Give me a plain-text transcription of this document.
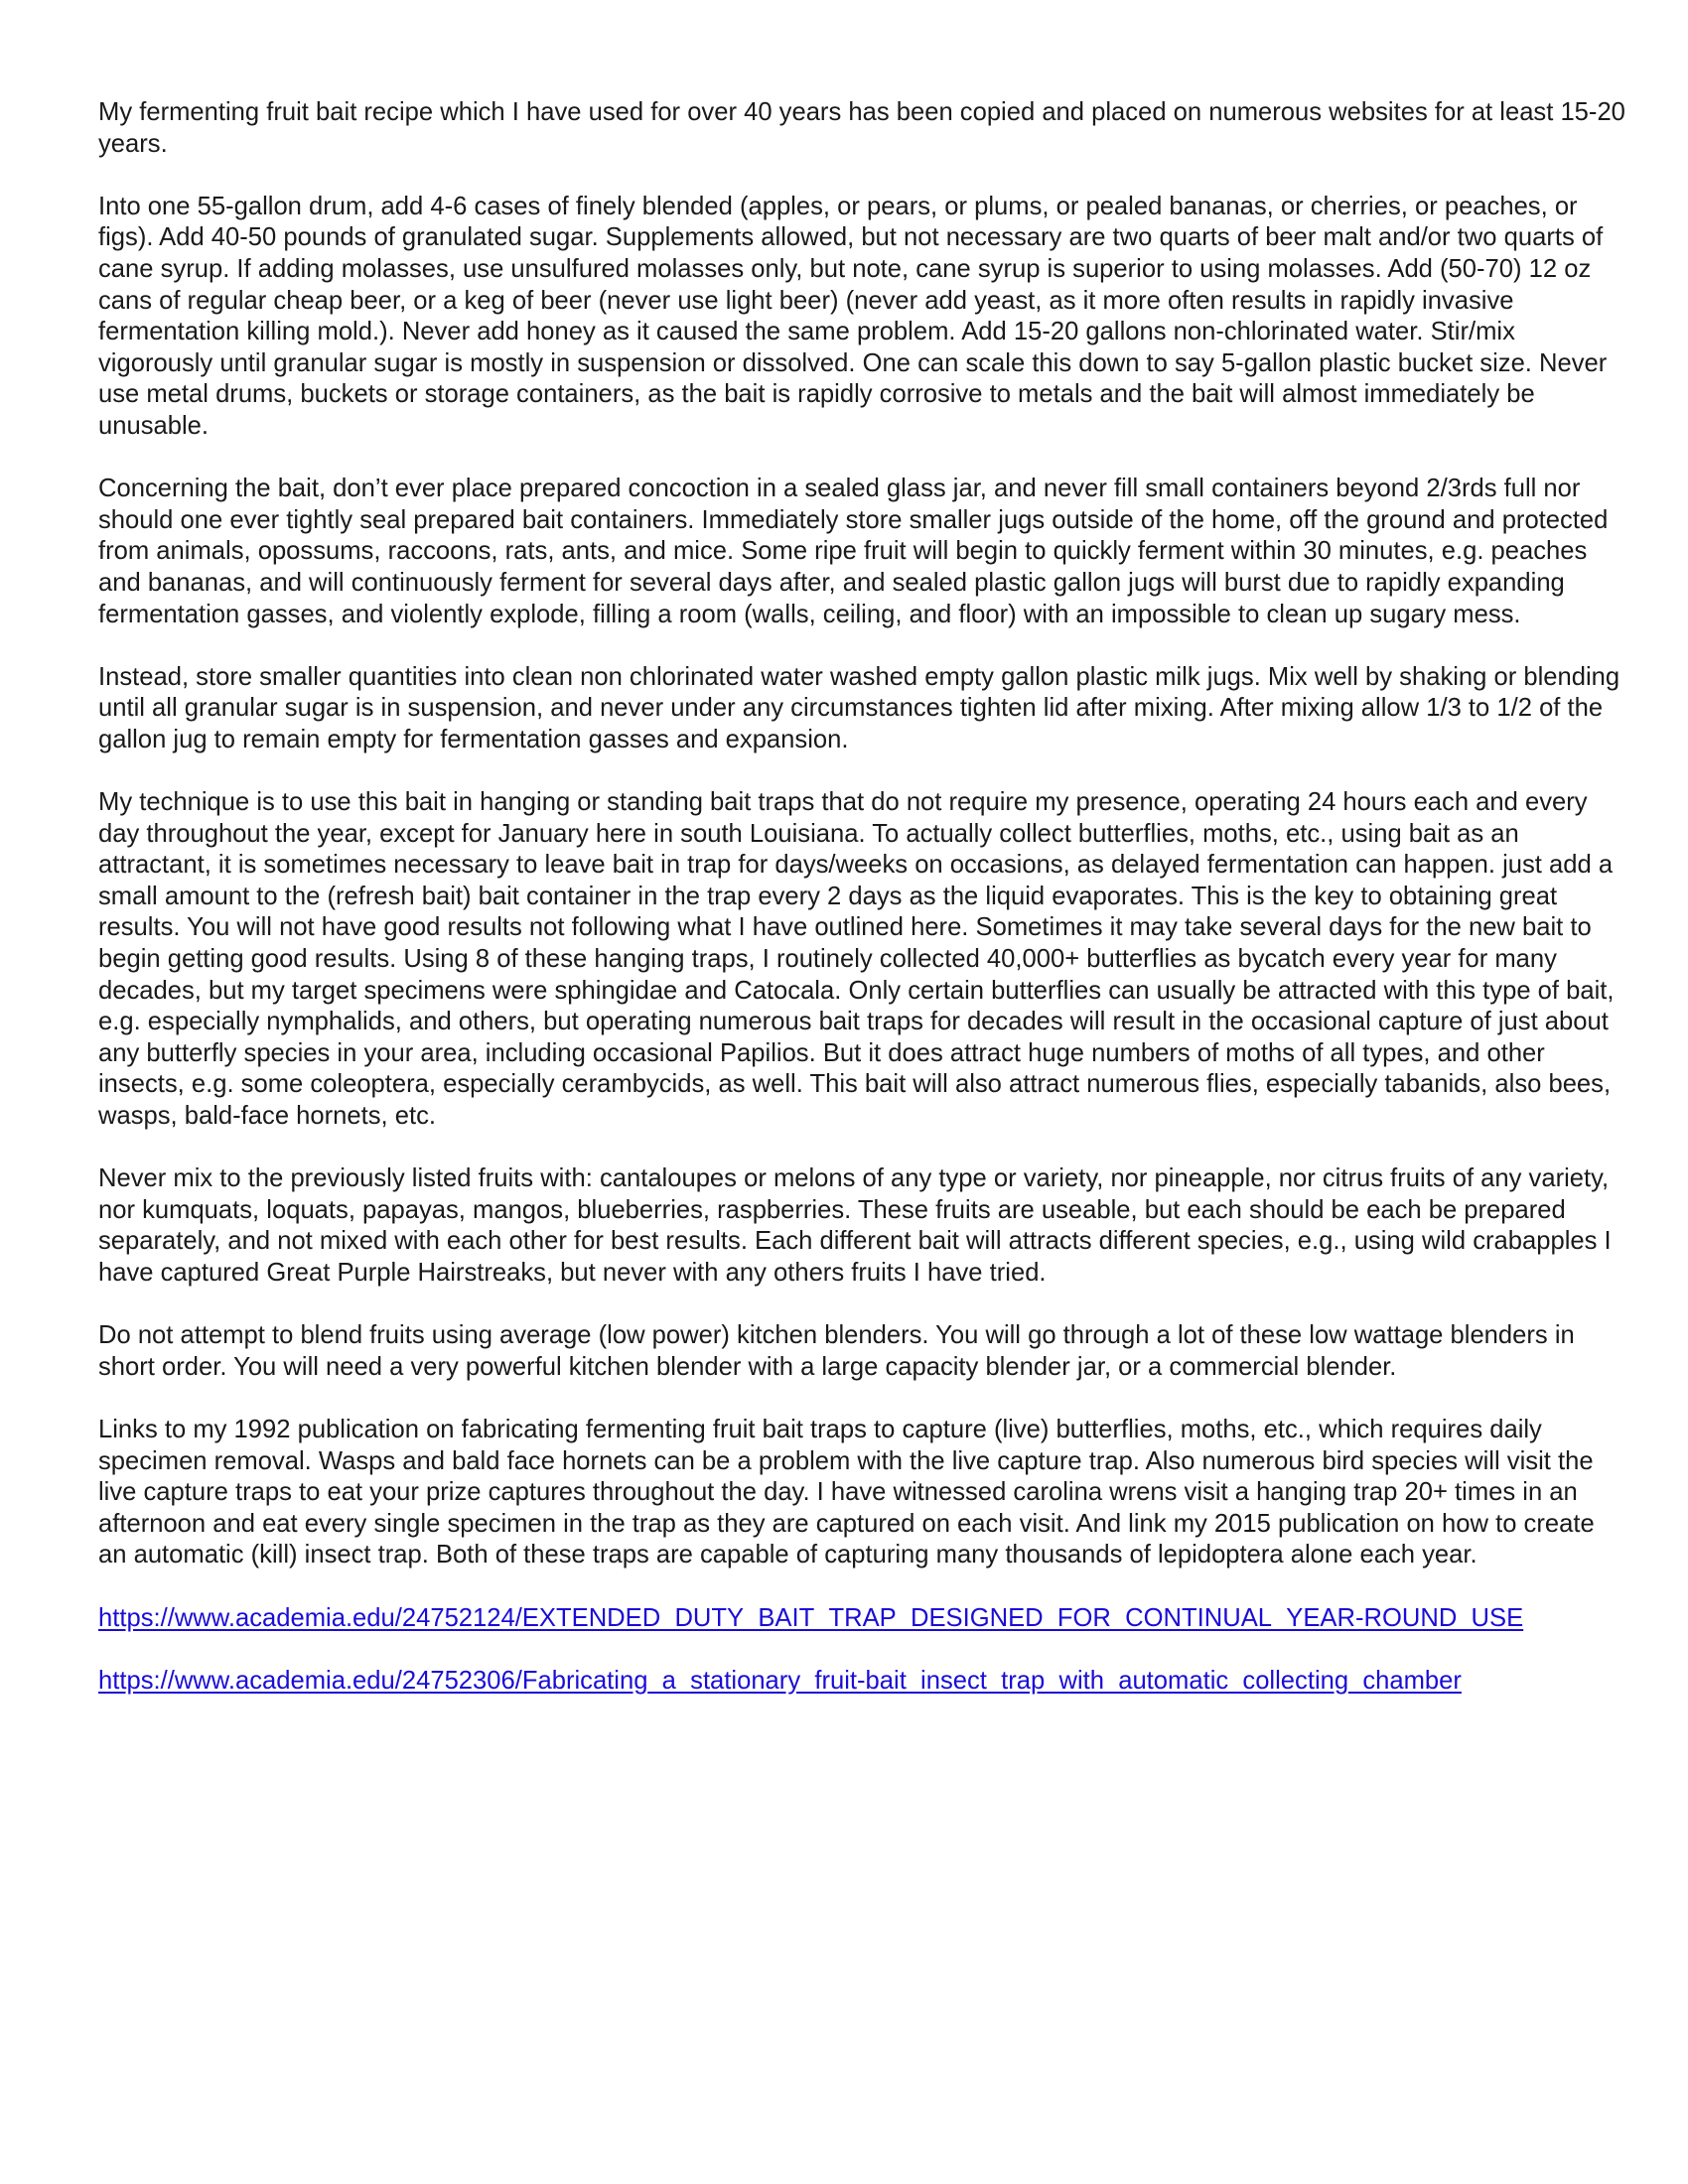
My fermenting fruit bait recipe which I have used for over 40 years has been copied and placed on numerous websites for at least 15-20 years.

Into one 55-gallon drum, add 4-6 cases of finely blended (apples, or pears, or plums, or pealed bananas, or cherries, or peaches, or figs). Add 40-50 pounds of granulated sugar. Supplements allowed, but not necessary are two quarts of beer malt and/or two quarts of cane syrup. If adding molasses, use unsulfured molasses only, but note, cane syrup is superior to using molasses. Add (50-70) 12 oz cans of regular cheap beer, or a keg of beer (never use light beer) (never add yeast, as it more often results in rapidly invasive fermentation killing mold.). Never add honey as it caused the same problem. Add 15-20 gallons non-chlorinated water. Stir/mix vigorously until granular sugar is mostly in suspension or dissolved. One can scale this down to say 5-gallon plastic bucket size. Never use metal drums, buckets or storage containers, as the bait is rapidly corrosive to metals and the bait will almost immediately be unusable.

Concerning the bait, don’t ever place prepared concoction in a sealed glass jar, and never fill small containers beyond 2/3rds full nor should one ever tightly seal prepared bait containers. Immediately store smaller jugs outside of the home, off the ground and protected from animals, opossums, raccoons, rats, ants, and mice. Some ripe fruit will begin to quickly ferment within 30 minutes, e.g. peaches and bananas, and will continuously ferment for several days after, and sealed plastic gallon jugs will burst due to rapidly expanding fermentation gasses, and violently explode, filling a room (walls, ceiling, and floor) with an impossible to clean up sugary mess.

Instead, store smaller quantities into clean non chlorinated water washed empty gallon plastic milk jugs. Mix well by shaking or blending until all granular sugar is in suspension, and never under any circumstances tighten lid after mixing. After mixing allow 1/3 to 1/2 of the gallon jug to remain empty for fermentation gasses and expansion.

My technique is to use this bait in hanging or standing bait traps that do not require my presence, operating 24 hours each and every day throughout the year, except for January here in south Louisiana. To actually collect butterflies, moths, etc., using bait as an attractant, it is sometimes necessary to leave bait in trap for days/weeks on occasions, as delayed fermentation can happen. just add a small amount to the (refresh bait) bait container in the trap every 2 days as the liquid evaporates. This is the key to obtaining great results. You will not have good results not following what I have outlined here. Sometimes it may take several days for the new bait to begin getting good results. Using 8 of these hanging traps, I routinely collected 40,000+ butterflies as bycatch every year for many decades, but my target specimens were sphingidae and Catocala. Only certain butterflies can usually be attracted with this type of bait, e.g. especially nymphalids, and others, but operating numerous bait traps for decades will result in the occasional capture of just about any butterfly species in your area, including occasional Papilios. But it does attract huge numbers of moths of all types, and other insects, e.g. some coleoptera, especially cerambycids, as well. This bait will also attract numerous flies, especially tabanids, also bees, wasps, bald-face hornets, etc.

Never mix to the previously listed fruits with: cantaloupes or melons of any type or variety, nor pineapple, nor citrus fruits of any variety, nor kumquats, loquats, papayas, mangos, blueberries, raspberries. These fruits are useable, but each should be each be prepared separately, and not mixed with each other for best results. Each different bait will attracts different species, e.g., using wild crabapples I have captured Great Purple Hairstreaks, but never with any others fruits I have tried.

Do not attempt to blend fruits using average (low power) kitchen blenders. You will go through a lot of these low wattage blenders in short order. You will need a very powerful kitchen blender with a large capacity blender jar, or a commercial blender.

Links to my 1992 publication on fabricating fermenting fruit bait traps to capture (live) butterflies, moths, etc., which requires daily specimen removal. Wasps and bald face hornets can be a problem with the live capture trap. Also numerous bird species will visit the live capture traps to eat your prize captures throughout the day. I have witnessed carolina wrens visit a hanging trap 20+ times in an afternoon and eat every single specimen in the trap as they are captured on each visit. And link my 2015 publication on how to create an automatic (kill) insect trap. Both of these traps are capable of capturing many thousands of lepidoptera alone each year.

https://www.academia.edu/24752124/EXTENDED_DUTY_BAIT_TRAP_DESIGNED_FOR_CONTINUAL_YEAR-ROUND_USE
https://www.academia.edu/24752306/Fabricating_a_stationary_fruit-bait_insect_trap_with_automatic_collecting_chamber
